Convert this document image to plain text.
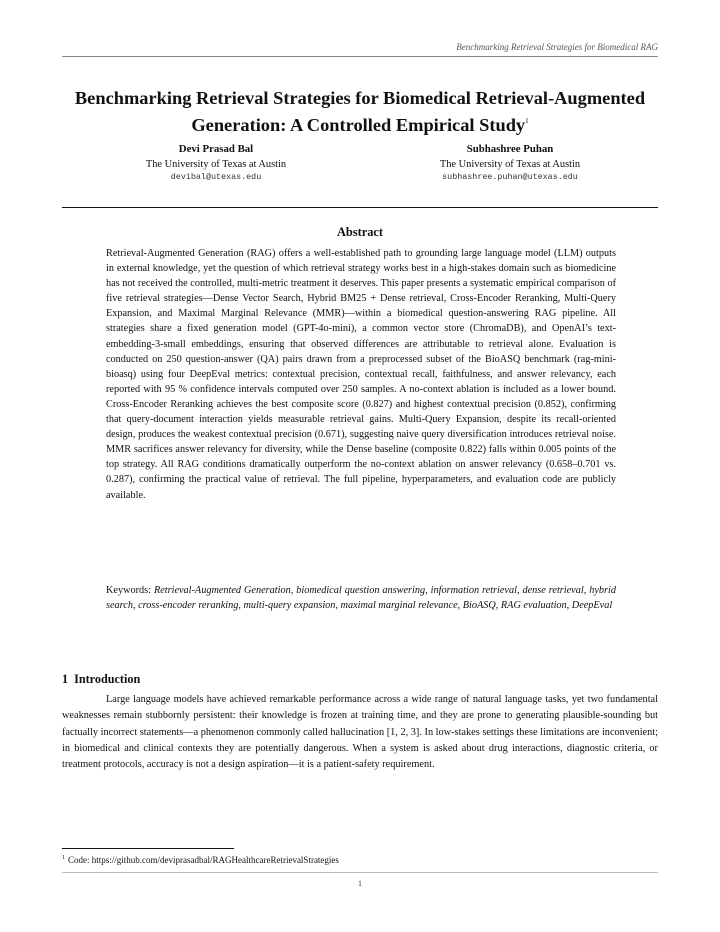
Benchmarking Retrieval Strategies for Biomedical RAG
Benchmarking Retrieval Strategies for Biomedical Retrieval-Augmented Generation: A Controlled Empirical Study$^1$
Devi Prasad Bal
The University of Texas at Austin
devibal@utexas.edu
Subhashree Puhan
The University of Texas at Austin
subhashree.puhan@utexas.edu
Abstract

Retrieval-Augmented Generation (RAG) offers a well-established path to grounding large language model (LLM) outputs in external knowledge, yet the question of which retrieval strategy works best in a high-stakes domain such as biomedicine has not received the controlled, multi-metric treatment it deserves. This paper presents a systematic empirical comparison of five retrieval strategies—Dense Vector Search, Hybrid BM25 + Dense retrieval, Cross-Encoder Reranking, Multi-Query Expansion, and Maximal Marginal Relevance (MMR)—within a biomedical question-answering RAG pipeline. All strategies share a fixed generation model (GPT-4o-mini), a common vector store (ChromaDB), and OpenAI’s text-embedding-3-small embeddings, ensuring that observed differences are attributable to retrieval alone. Evaluation is conducted on 250 question-answer (QA) pairs drawn from a preprocessed subset of the BioASQ benchmark (rag-mini-bioasq) using four DeepEval metrics: contextual precision, contextual recall, faithfulness, and answer relevancy, each reported with 95 % confidence intervals computed over 250 samples. A no-context ablation is included as a lower bound. Cross-Encoder Reranking achieves the best composite score (0.827) and highest contextual precision (0.852), confirming that query-document interaction yields measurable retrieval gains. Multi-Query Expansion, despite its recall-oriented design, produces the weakest contextual precision (0.671), suggesting naive query diversification introduces retrieval noise. MMR sacrifices answer relevancy for diversity, while the Dense baseline (composite 0.822) falls within 0.005 points of the top strategy. All RAG conditions dramatically outperform the no-context ablation on answer relevancy (0.658–0.701 vs. 0.287), confirming the practical value of retrieval. The full pipeline, hyperparameters, and evaluation code are publicly available.

Keywords: Retrieval-Augmented Generation, biomedical question answering, information retrieval, dense retrieval, hybrid search, cross-encoder reranking, multi-query expansion, maximal marginal relevance, BioASQ, RAG evaluation, DeepEval

1 Introduction

Large language models have achieved remarkable performance across a wide range of natural language tasks, yet two fundamental weaknesses remain stubbornly persistent: their knowledge is frozen at training time, and they are prone to generating plausible-sounding but factually incorrect statements—a phenomenon commonly called hallucination [1, 2, 3]. In low-stakes settings these limitations are inconvenient; in biomedical and clinical contexts they are potentially dangerous. When a system is asked about drug interactions, diagnostic criteria, or treatment protocols, accuracy is not a design aspiration—it is a patient-safety requirement.

$^1$ Code: https://github.com/deviprasadbal/RAGHealthcareRetrievalStrategies
1
